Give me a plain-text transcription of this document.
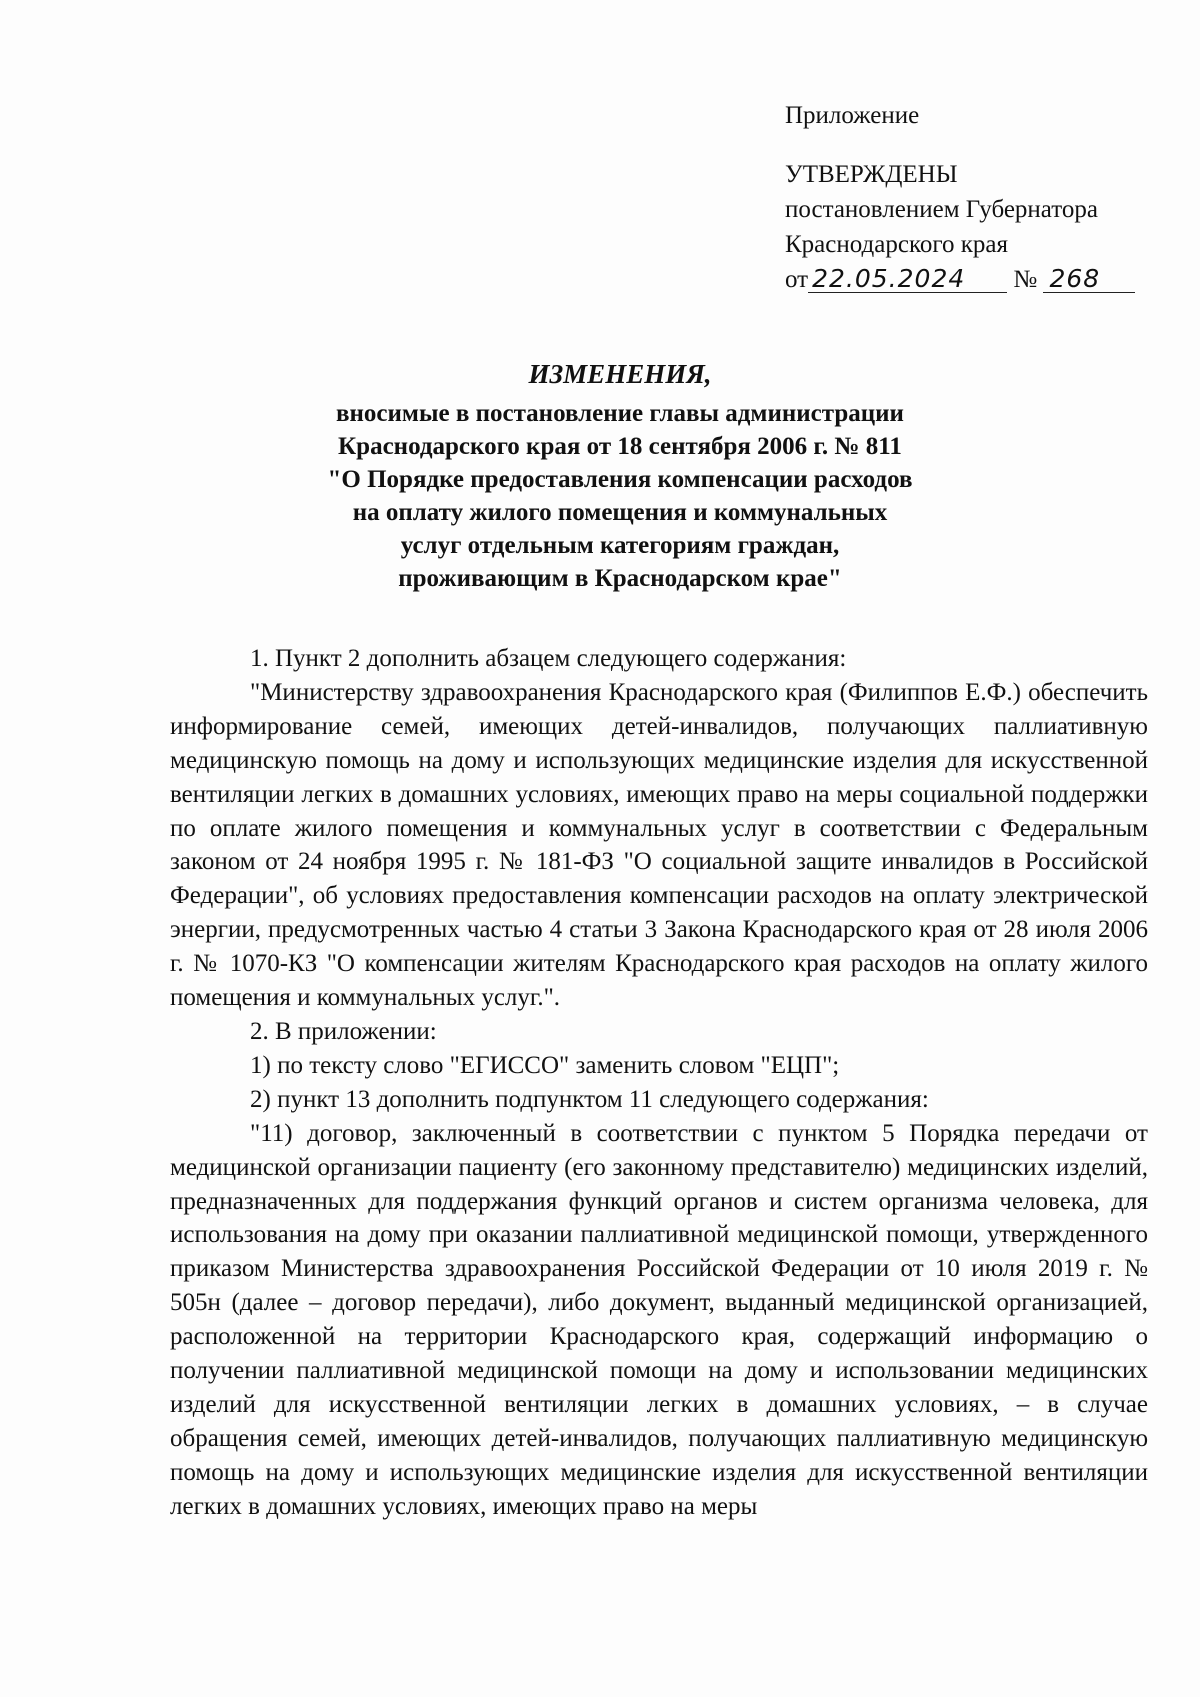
Приложение
УТВЕРЖДЕНЫ
постановлением Губернатора
Краснодарского края
от 22.05.2024 № 268
ИЗМЕНЕНИЯ,
вносимые в постановление главы администрации
Краснодарского края от 18 сентября 2006 г. № 811
"О Порядке предоставления компенсации расходов
на оплату жилого помещения и коммунальных
услуг отдельным категориям граждан,
проживающим в Краснодарском крае"

1. Пункт 2 дополнить абзацем следующего содержания:

"Министерству здравоохранения Краснодарского края (Филиппов Е.Ф.) обеспечить информирование семей, имеющих детей-инвалидов, получающих паллиативную медицинскую помощь на дому и использующих медицинские изделия для искусственной вентиляции легких в домашних условиях, имеющих право на меры социальной поддержки по оплате жилого помещения и коммунальных услуг в соответствии с Федеральным законом от 24 ноября 1995 г. № 181-ФЗ "О социальной защите инвалидов в Российской Федерации", об условиях предоставления компенсации расходов на оплату электрической энергии, предусмотренных частью 4 статьи 3 Закона Краснодарского края от 28 июля 2006 г. № 1070-КЗ "О компенсации жителям Краснодарского края расходов на оплату жилого помещения и коммунальных услуг.".

2. В приложении:

1) по тексту слово "ЕГИССО" заменить словом "ЕЦП";

2) пункт 13 дополнить подпунктом 11 следующего содержания:

"11) договор, заключенный в соответствии с пунктом 5 Порядка передачи от медицинской организации пациенту (его законному представителю) медицинских изделий, предназначенных для поддержания функций органов и систем организма человека, для использования на дому при оказании паллиативной медицинской помощи, утвержденного приказом Министерства здравоохранения Российской Федерации от 10 июля 2019 г. № 505н (далее – договор передачи), либо документ, выданный медицинской организацией, расположенной на территории Краснодарского края, содержащий информацию о получении паллиативной медицинской помощи на дому и использовании медицинских изделий для искусственной вентиляции легких в домашних условиях, – в случае обращения семей, имеющих детей-инвалидов, получающих паллиативную медицинскую помощь на дому и использующих медицинские изделия для искусственной вентиляции легких в домашних условиях, имеющих право на меры
